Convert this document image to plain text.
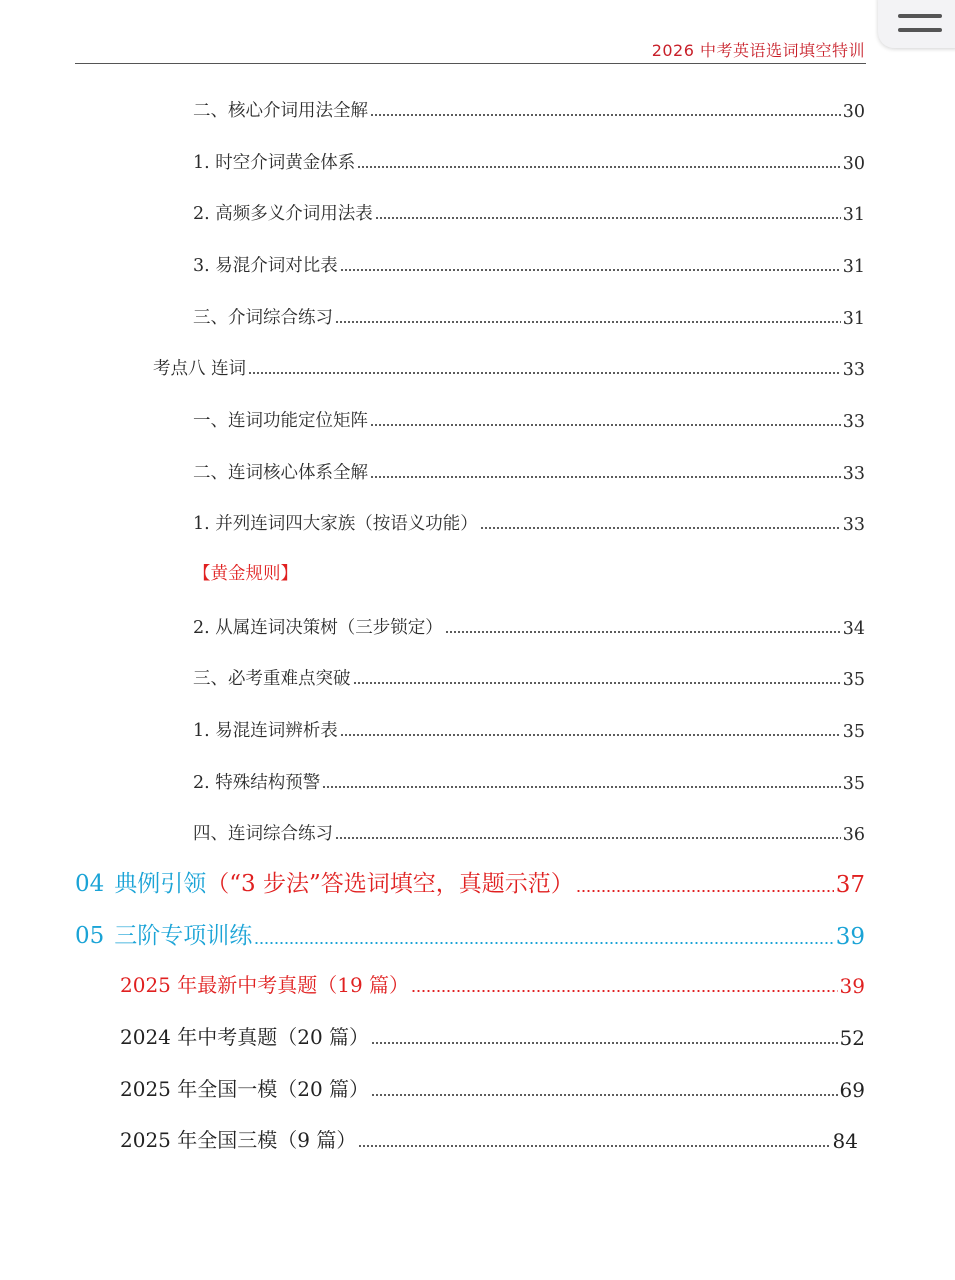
2026 中考英语选词填空特训
二、核心介词用法全解	30
1. 时空介词黄金体系	30
2. 高频多义介词用法表	31
3. 易混介词对比表	31
三、介词综合练习	31
考点八 连词	33
一、连词功能定位矩阵	33
二、连词核心体系全解	33
1. 并列连词四大家族（按语义功能）	33
【黄金规则】
2. 从属连词决策树（三步锁定）	34
三、必考重难点突破	35
1. 易混连词辨析表	35
2. 特殊结构预警	35
四、连词综合练习	36
04 典例引领（“3 步法”答选词填空，真题示范）	37
05 三阶专项训练	39
2025 年最新中考真题（19 篇）	39
2024 年中考真题（20 篇）	52
2025 年全国一模（20 篇）	69
2025 年全国三模（9 篇）	84
